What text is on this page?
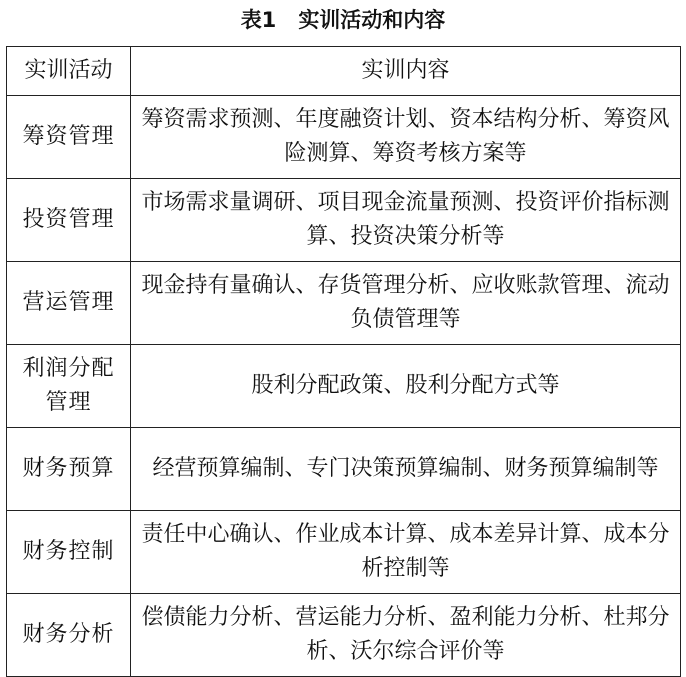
表1 实训活动和内容
实训活动	实训内容
筹资管理	筹资需求预测、年度融资计划、资本结构分析、筹资风险测算、筹资考核方案等
投资管理	市场需求量调研、项目现金流量预测、投资评价指标测算、投资决策分析等
营运管理	现金持有量确认、存货管理分析、应收账款管理、流动负债管理等
利润分配管理	股利分配政策、股利分配方式等
财务预算	经营预算编制、专门决策预算编制、财务预算编制等
财务控制	责任中心确认、作业成本计算、成本差异计算、成本分析控制等
财务分析	偿债能力分析、营运能力分析、盈利能力分析、杜邦分析、沃尔综合评价等
